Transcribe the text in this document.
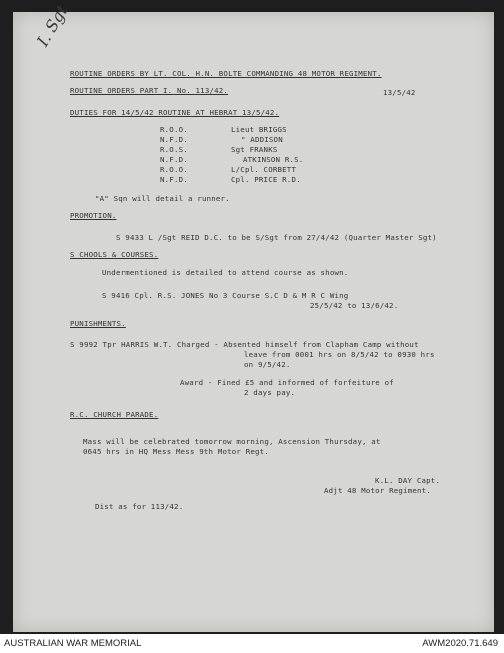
I. Sgt
ROUTINE ORDERS BY LT. COL. H.N. BOLTE COMMANDING 48 MOTOR REGIMENT.
ROUTINE ORDERS PART I. No. 113/42.	13/5/42
DUTIES FOR 14/5/42 ROUTINE AT HEBRAT 13/5/42.
R.O.O.	Lieut BRIGGS
N.F.D.	" ADDISON
R.O.S.	Sgt FRANKS
N.F.D.	ATKINSON R.S.
R.O.O.	L/Cpl. CORBETT
N.F.D.	Cpl. PRICE R.D.
"A" Sqn will detail a runner.
PROMOTION.
S 9433 L /Sgt REID D.C. to be S/Sgt from 27/4/42 (Quarter Master Sgt)
S CHOOLS & COURSES.
Undermentioned is detailed to attend course as shown.
S 9416 Cpl. R.S. JONES No 3 Course S.C D & M R C Wing
25/5/42 to 13/6/42.
PUNISHMENTS.
S 9992 Tpr HARRIS W.T. Charged - Absented himself from Clapham Camp without
leave from 0001 hrs on 8/5/42 to 0930 hrs
on 9/5/42.
Award - Fined £5 and informed of forfeiture of
2 days pay.
R.C. CHURCH PARADE.
Mass will be celebrated tomorrow morning, Ascension Thursday, at
0645 hrs in HQ Mess Mess 9th Motor Regt.
K.L. DAY Capt.
Adjt 48 Motor Regiment.
Dist as for 113/42.
AUSTRALIAN WAR MEMORIAL	AWM2020.71.649
